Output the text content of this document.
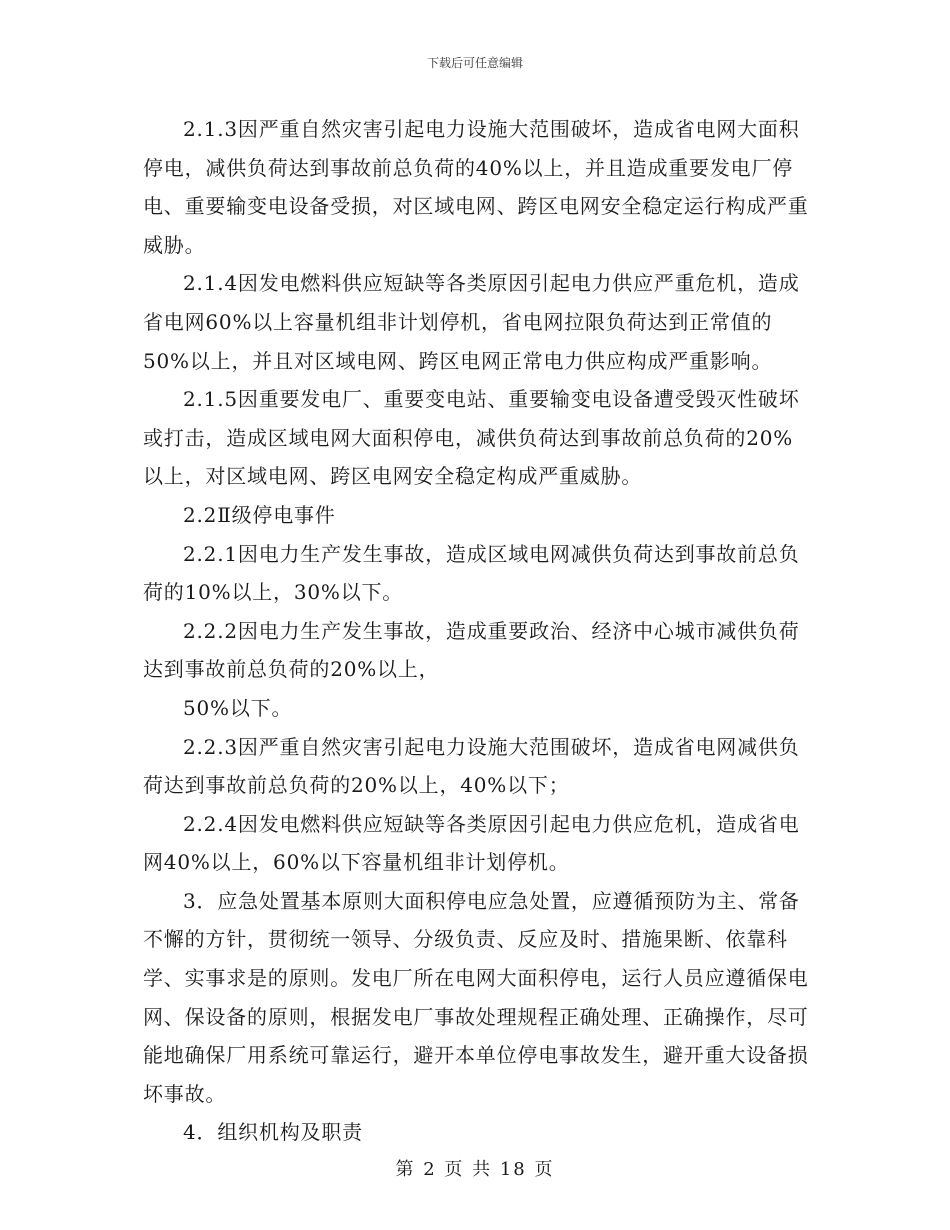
下载后可任意编辑

2.1.3因严重自然灾害引起电力设施大范围破坏，造成省电网大面积停电，减供负荷达到事故前总负荷的40%以上，并且造成重要发电厂停电、重要输变电设备受损，对区域电网、跨区电网安全稳定运行构成严重威胁。

2.1.4因发电燃料供应短缺等各类原因引起电力供应严重危机，造成省电网60%以上容量机组非计划停机，省电网拉限负荷达到正常值的50%以上，并且对区域电网、跨区电网正常电力供应构成严重影响。

2.1.5因重要发电厂、重要变电站、重要输变电设备遭受毁灭性破坏或打击，造成区域电网大面积停电，减供负荷达到事故前总负荷的20%以上，对区域电网、跨区电网安全稳定构成严重威胁。

2.2Ⅱ级停电事件

2.2.1因电力生产发生事故，造成区域电网减供负荷达到事故前总负荷的10%以上，30%以下。

2.2.2因电力生产发生事故，造成重要政治、经济中心城市减供负荷达到事故前总负荷的20%以上，

50%以下。

2.2.3因严重自然灾害引起电力设施大范围破坏，造成省电网减供负荷达到事故前总负荷的20%以上，40%以下；

2.2.4因发电燃料供应短缺等各类原因引起电力供应危机，造成省电网40%以上，60%以下容量机组非计划停机。

3．应急处置基本原则大面积停电应急处置，应遵循预防为主、常备不懈的方针，贯彻统一领导、分级负责、反应及时、措施果断、依靠科学、实事求是的原则。发电厂所在电网大面积停电，运行人员应遵循保电网、保设备的原则，根据发电厂事故处理规程正确处理、正确操作，尽可能地确保厂用系统可靠运行，避开本单位停电事故发生，避开重大设备损坏事故。

4．组织机构及职责

第 2 页 共 18 页
